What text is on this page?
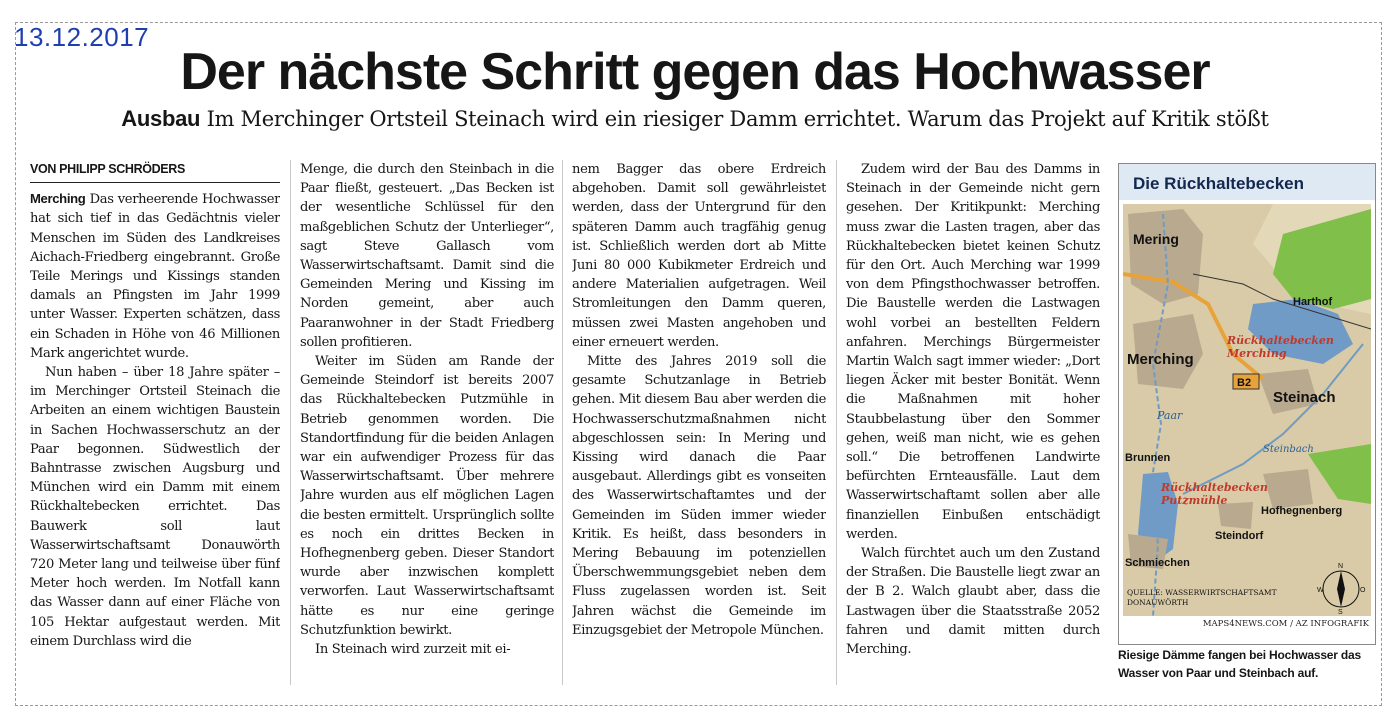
13.12.2017
Der nächste Schritt gegen das Hochwasser
Ausbau Im Merchinger Ortsteil Steinach wird ein riesiger Damm errichtet. Warum das Projekt auf Kritik stößt
VON PHILIPP SCHRÖDERS

Merching Das verheerende Hochwasser hat sich tief in das Gedächtnis vieler Menschen im Süden des Landkreises Aichach-Friedberg eingebrannt. Große Teile Merings und Kissings standen damals an Pfingsten im Jahr 1999 unter Wasser. Experten schätzen, dass ein Schaden in Höhe von 46 Millionen Mark angerichtet wurde.

Nun haben – über 18 Jahre später – im Merchinger Ortsteil Steinach die Arbeiten an einem wichtigen Baustein in Sachen Hochwasserschutz an der Paar begonnen. Südwestlich der Bahntrasse zwischen Augsburg und München wird ein Damm mit einem Rückhaltebecken errichtet. Das Bauwerk soll laut Wasserwirtschaftsamt Donauwörth 720 Meter lang und teilweise über fünf Meter hoch werden. Im Notfall kann das Wasser dann auf einer Fläche von 105 Hektar aufgestaut werden. Mit einem Durchlass wird die

Menge, die durch den Steinbach in die Paar fließt, gesteuert. „Das Becken ist der wesentliche Schlüssel für den maßgeblichen Schutz der Unterlieger“, sagt Steve Gallasch vom Wasserwirtschaftsamt. Damit sind die Gemeinden Mering und Kissing im Norden gemeint, aber auch Paaranwohner in der Stadt Friedberg sollen profitieren.

Weiter im Süden am Rande der Gemeinde Steindorf ist bereits 2007 das Rückhaltebecken Putzmühle in Betrieb genommen worden. Die Standortfindung für die beiden Anlagen war ein aufwendiger Prozess für das Wasserwirtschaftsamt. Über mehrere Jahre wurden aus elf möglichen Lagen die besten ermittelt. Ursprünglich sollte es noch ein drittes Becken in Hofhegnenberg geben. Dieser Standort wurde aber inzwischen komplett verworfen. Laut Wasserwirtschaftsamt hätte es nur eine geringe Schutzfunktion bewirkt.

In Steinach wird zurzeit mit ei-

nem Bagger das obere Erdreich abgehoben. Damit soll gewährleistet werden, dass der Untergrund für den späteren Damm auch tragfähig genug ist. Schließlich werden dort ab Mitte Juni 80 000 Kubikmeter Erdreich und andere Materialien aufgetragen. Weil Stromleitungen den Damm queren, müssen zwei Masten angehoben und einer erneuert werden.

Mitte des Jahres 2019 soll die gesamte Schutzanlage in Betrieb gehen. Mit diesem Bau aber werden die Hochwasserschutzmaßnahmen nicht abgeschlossen sein: In Mering und Kissing wird danach die Paar ausgebaut. Allerdings gibt es vonseiten des Wasserwirtschaftamtes und der Gemeinden im Süden immer wieder Kritik. Es heißt, dass besonders in Mering Bebauung im potenziellen Überschwemmungsgebiet neben dem Fluss zugelassen worden ist. Seit Jahren wächst die Gemeinde im Einzugsgebiet der Metropole München.

Zudem wird der Bau des Damms in Steinach in der Gemeinde nicht gern gesehen. Der Kritikpunkt: Merching muss zwar die Lasten tragen, aber das Rückhaltebecken bietet keinen Schutz für den Ort. Auch Merching war 1999 von dem Pfingsthochwasser betroffen. Die Baustelle werden die Lastwagen wohl vorbei an bestellten Feldern anfahren. Merchings Bürgermeister Martin Walch sagt immer wieder: „Dort liegen Äcker mit bester Bonität. Wenn die Maßnahmen mit hoher Staubbelastung über den Sommer gehen, weiß man nicht, wie es gehen soll.“ Die betroffenen Landwirte befürchten Ernteausfälle. Laut dem Wasserwirtschaftamt sollen aber alle finanziellen Einbußen entschädigt werden.

Walch fürchtet auch um den Zustand der Straßen. Die Baustelle liegt zwar an der B 2. Walch glaubt aber, dass die Lastwagen über die Staatsstraße 2052 fahren und damit mitten durch Merching.

Die Rückhaltebecken
Mering
Harthof
Merching
Rückhaltebecken
Merching
B2
Steinach
Paar
Steinbach
Brunnen
Rückhaltebecken
Putzmühle
Hofhegnenberg
Steindorf
Schmiechen
QUELLE: WASSERWIRTSCHAFTSAMT
DONAUWÖRTH
N
W	O
S
MAPS4NEWS.COM / AZ INFOGRAFIK
Riesige Dämme fangen bei Hochwasser das Wasser von Paar und Steinbach auf.
